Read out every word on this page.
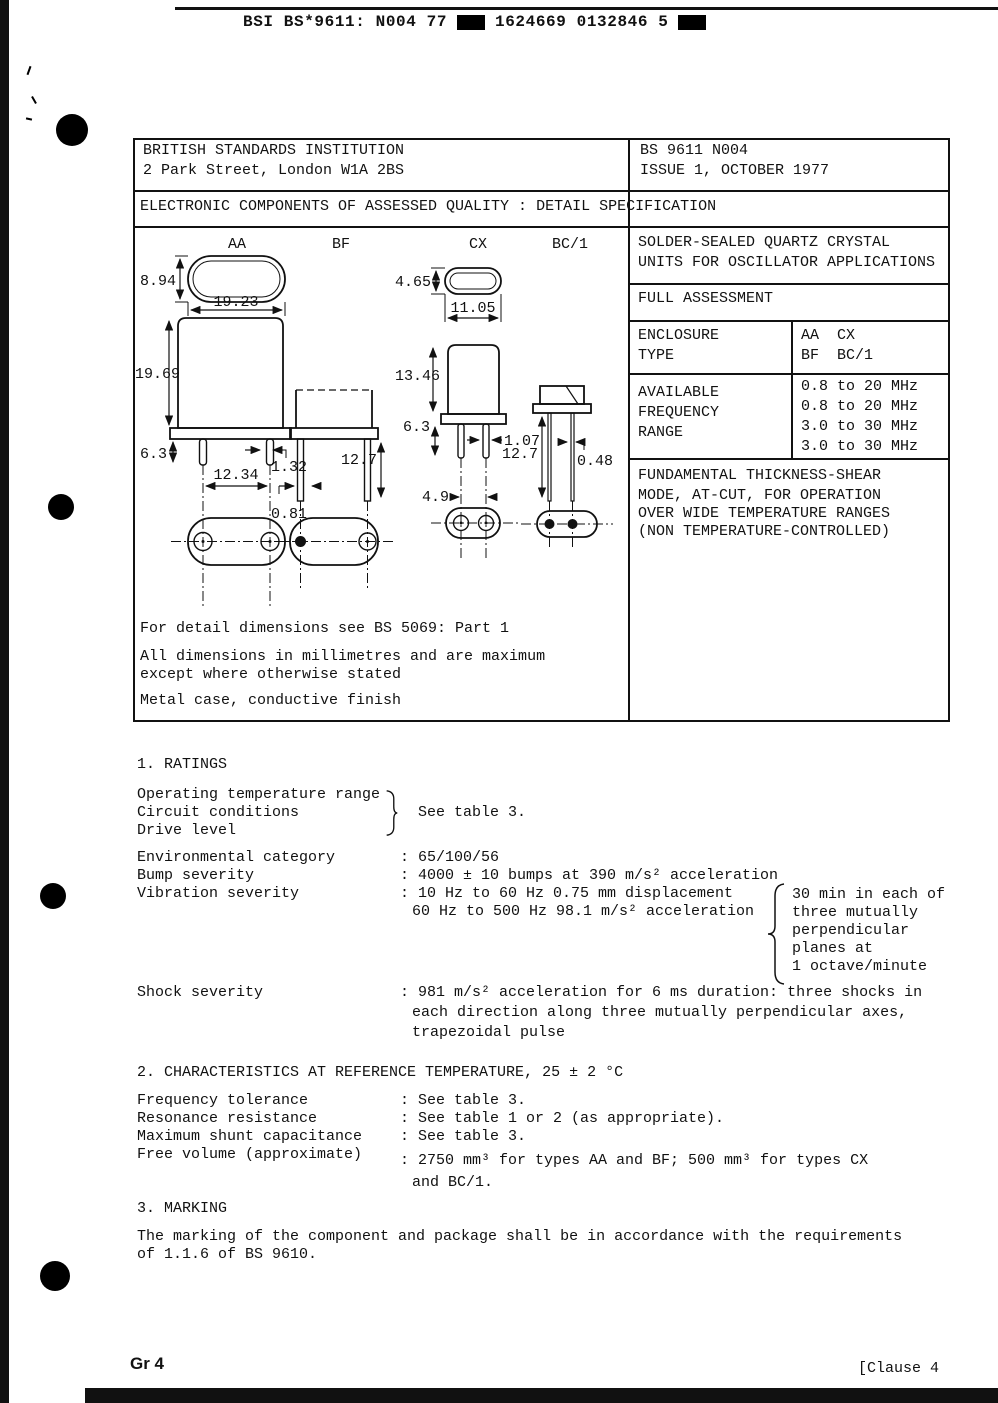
BSI BS*9611: N004 77	1624669 0132846 5
BRITISH STANDARDS INSTITUTION
2 Park Street, London W1A 2BS
BS 9611 N004
ISSUE 1, OCTOBER 1977
ELECTRONIC COMPONENTS OF ASSESSED QUALITY : DETAIL SPECIFICATION
SOLDER-SEALED QUARTZ CRYSTAL
UNITS FOR OSCILLATOR APPLICATIONS
FULL ASSESSMENT
ENCLOSURE
TYPE
AA  CX
BF  BC/1
AVAILABLE
FREQUENCY
RANGE
0.8 to 20 MHz
0.8 to 20 MHz
3.0 to 30 MHz
3.0 to 30 MHz
FUNDAMENTAL THICKNESS-SHEAR
MODE, AT-CUT, FOR OPERATION
OVER WIDE TEMPERATURE RANGES
(NON TEMPERATURE-CONTROLLED)
AA
8.94
19.23
19.69
6.3
1.32
12.34
BF
12.7
0.81
CX
4.65
11.05
13.46
6.3
1.07
4.9
BC/1
12.7	0.48
For detail dimensions see BS 5069: Part 1
All dimensions in millimetres and are maximum
except where otherwise stated
Metal case, conductive finish
1. RATINGS
Operating temperature range
Circuit conditions
Drive level
See table 3.
Environmental category	: 65/100/56
Bump severity	: 4000 ± 10 bumps at 390 m/s² acceleration
Vibration severity	: 10 Hz to 60 Hz 0.75 mm displacement
60 Hz to 500 Hz 98.1 m/s² acceleration
30 min in each of
three mutually
perpendicular
planes at
1 octave/minute
Shock severity	: 981 m/s² acceleration for 6 ms duration: three shocks in
each direction along three mutually perpendicular axes,
trapezoidal pulse
2. CHARACTERISTICS AT REFERENCE TEMPERATURE, 25 ± 2 °C
Frequency tolerance	: See table 3.
Resonance resistance	: See table 1 or 2 (as appropriate).
Maximum shunt capacitance	: See table 3.
Free volume (approximate)	: 2750 mm³ for types AA and BF; 500 mm³ for types CX
and BC/1.
3. MARKING
The marking of the component and package shall be in accordance with the requirements
of 1.1.6 of BS 9610.
Gr 4	[Clause 4
